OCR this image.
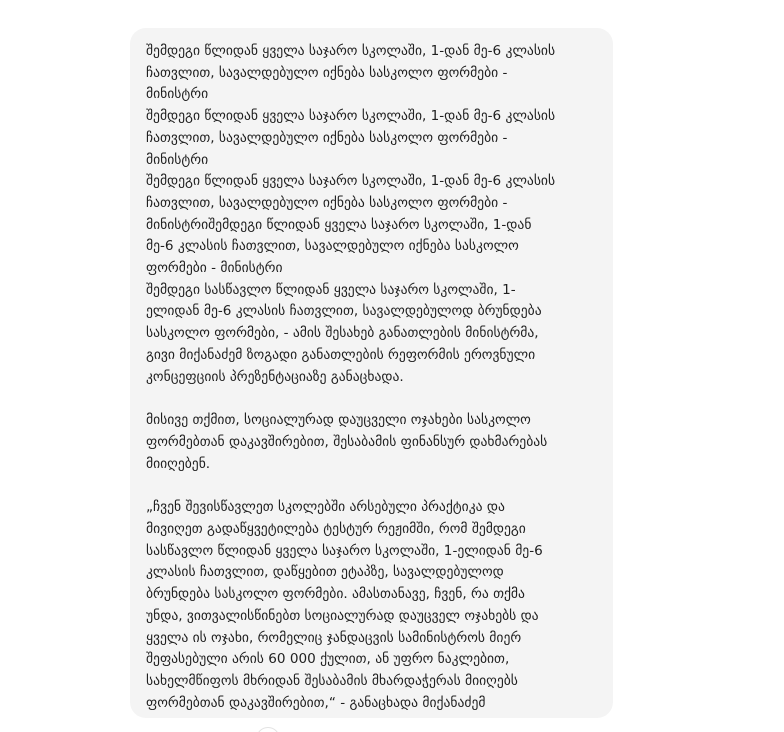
შემდეგი წლიდან ყველა საჯარო სკოლაში, 1-დან მე-6 კლასის
ჩათვლით, სავალდებულო იქნება სასკოლო ფორმები -
მინისტრი
შემდეგი წლიდან ყველა საჯარო სკოლაში, 1-დან მე-6 კლასის
ჩათვლით, სავალდებულო იქნება სასკოლო ფორმები -
მინისტრი
შემდეგი წლიდან ყველა საჯარო სკოლაში, 1-დან მე-6 კლასის
ჩათვლით, სავალდებულო იქნება სასკოლო ფორმები -
მინისტრიშემდეგი წლიდან ყველა საჯარო სკოლაში, 1-დან
მე-6 კლასის ჩათვლით, სავალდებულო იქნება სასკოლო
ფორმები - მინისტრი
შემდეგი სასწავლო წლიდან ყველა საჯარო სკოლაში, 1-
ელიდან მე-6 კლასის ჩათვლით, სავალდებულოდ ბრუნდება
სასკოლო ფორმები, - ამის შესახებ განათლების მინისტრმა,
გივი მიქანაძემ ზოგადი განათლების რეფორმის ეროვნული
კონცეფციის პრეზენტაციაზე განაცხადა.

მისივე თქმით, სოციალურად დაუცველი ოჯახები სასკოლო
ფორმებთან დაკავშირებით, შესაბამის ფინანსურ დახმარებას
მიიღებენ.

„ჩვენ შევისწავლეთ სკოლებში არსებული პრაქტიკა და
მივიღეთ გადაწყვეტილება ტესტურ რეჟიმში, რომ შემდეგი
სასწავლო წლიდან ყველა საჯარო სკოლაში, 1-ელიდან მე-6
კლასის ჩათვლით, დაწყებით ეტაპზე, სავალდებულოდ
ბრუნდება სასკოლო ფორმები. ამასთანავე, ჩვენ, რა თქმა
უნდა, ვითვალისწინებთ სოციალურად დაუცველ ოჯახებს და
ყველა ის ოჯახი, რომელიც ჯანდაცვის სამინისტროს მიერ
შეფასებული არის 60 000 ქულით, ან უფრო ნაკლებით,
სახელმწიფოს მხრიდან შესაბამის მხარდაჭერას მიიღებს
ფორმებთან დაკავშირებით,“ - განაცხადა მიქანაძემ
